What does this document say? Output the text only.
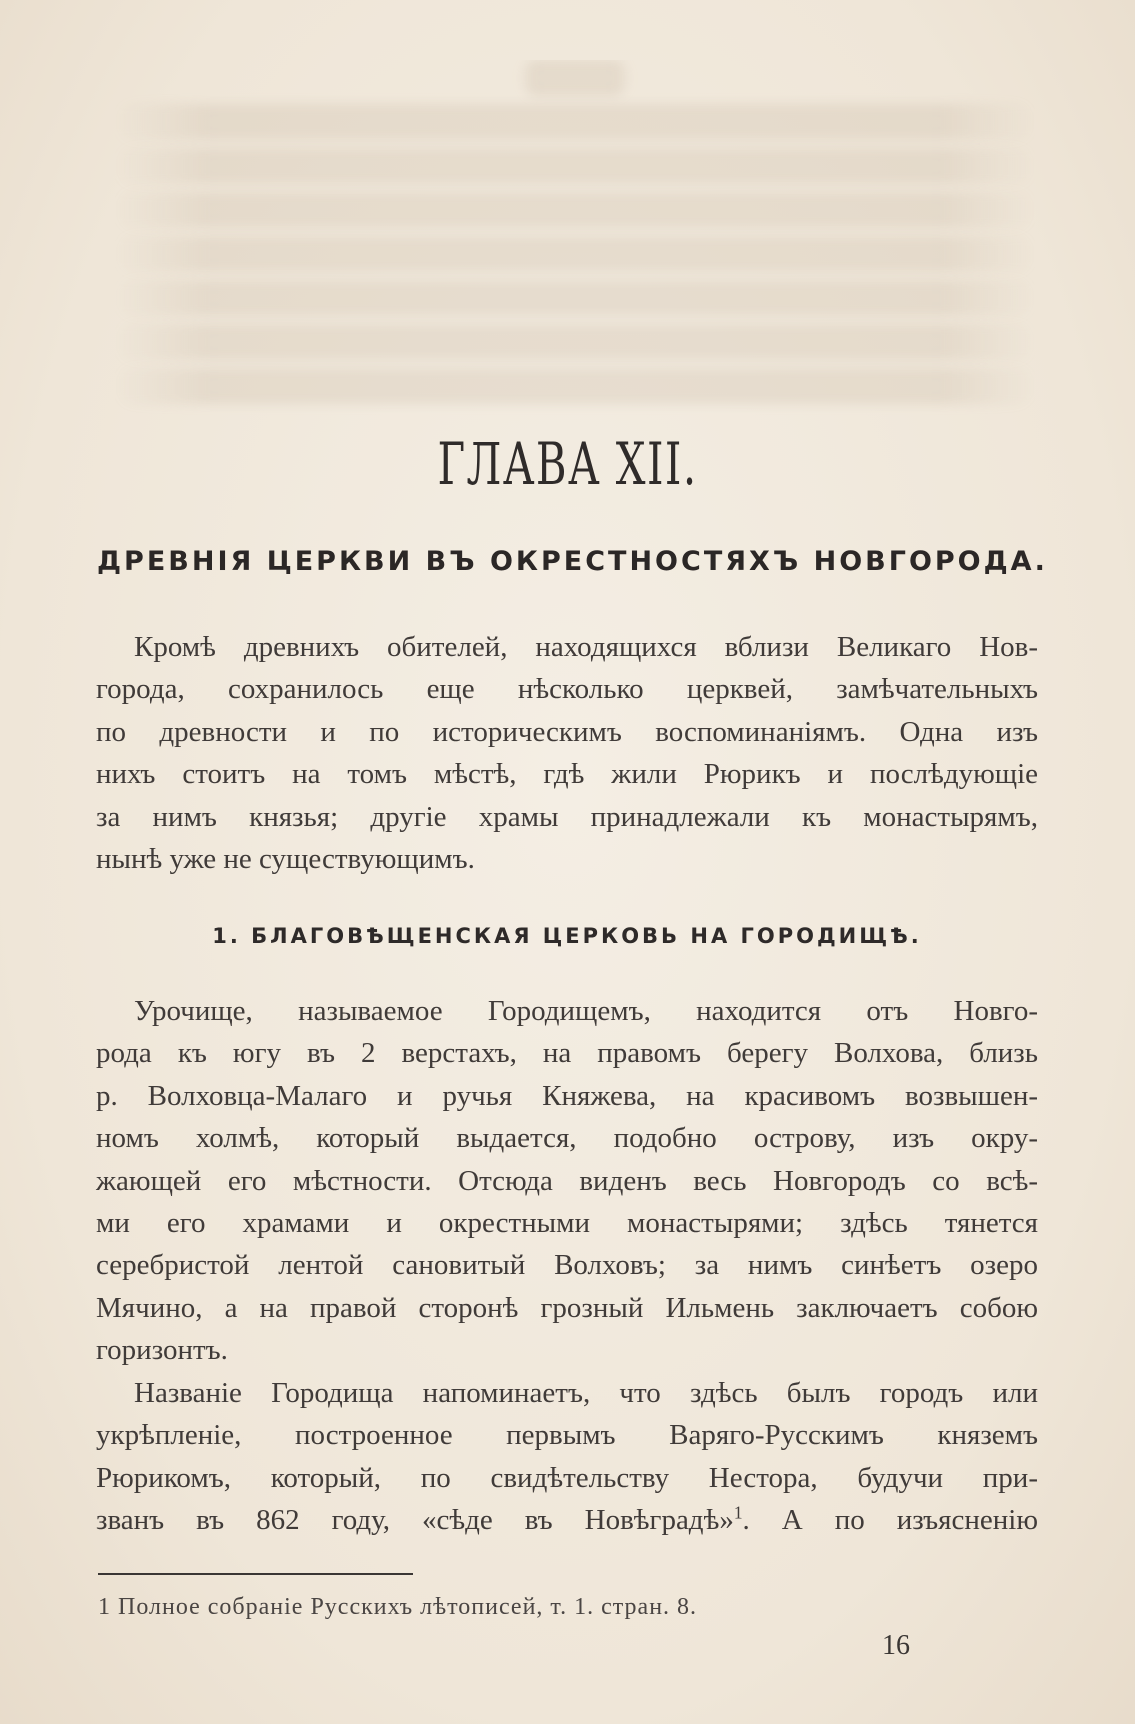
ГЛАВА XII.
ДРЕВНІЯ ЦЕРКВИ ВЪ ОКРЕСТНОСТЯХЪ НОВГОРОДА.
Кромѣ древнихъ обителей, находящихся вблизи Великаго Нов-
города, сохранилось еще нѣсколько церквей, замѣчательныхъ
по древности и по историческимъ воспоминаніямъ. Одна изъ
нихъ стоитъ на томъ мѣстѣ, гдѣ жили Рюрикъ и послѣдующіе
за нимъ князья; другіе храмы принадлежали къ монастырямъ,
нынѣ уже не существующимъ.
1. БЛАГОВѢЩЕНСКАЯ ЦЕРКОВЬ НА ГОРОДИЩѢ.
Урочище, называемое Городищемъ, находится отъ Новго-
рода къ югу въ 2 верстахъ, на правомъ берегу Волхова, близь
р. Волховца-Малаго и ручья Княжева, на красивомъ возвышен-
номъ холмѣ, который выдается, подобно острову, изъ окру-
жающей его мѣстности. Отсюда виденъ весь Новгородъ со всѣ-
ми его храмами и окрестными монастырями; здѣсь тянется
серебристой лентой сановитый Волховъ; за нимъ синѣетъ озеро
Мячино, а на правой сторонѣ грозный Ильмень заключаетъ собою
горизонтъ.
Названіе Городища напоминаетъ, что здѣсь былъ городъ или
укрѣпленіе, построенное первымъ Варяго-Русскимъ княземъ
Рюрикомъ, который, по свидѣтельству Нестора, будучи при-
званъ въ 862 году, «сѣде въ Новѣградѣ»$^1$. А по изъясненію
1 Полное собраніе Русскихъ лѣтописей, т. 1. стран. 8.
16
